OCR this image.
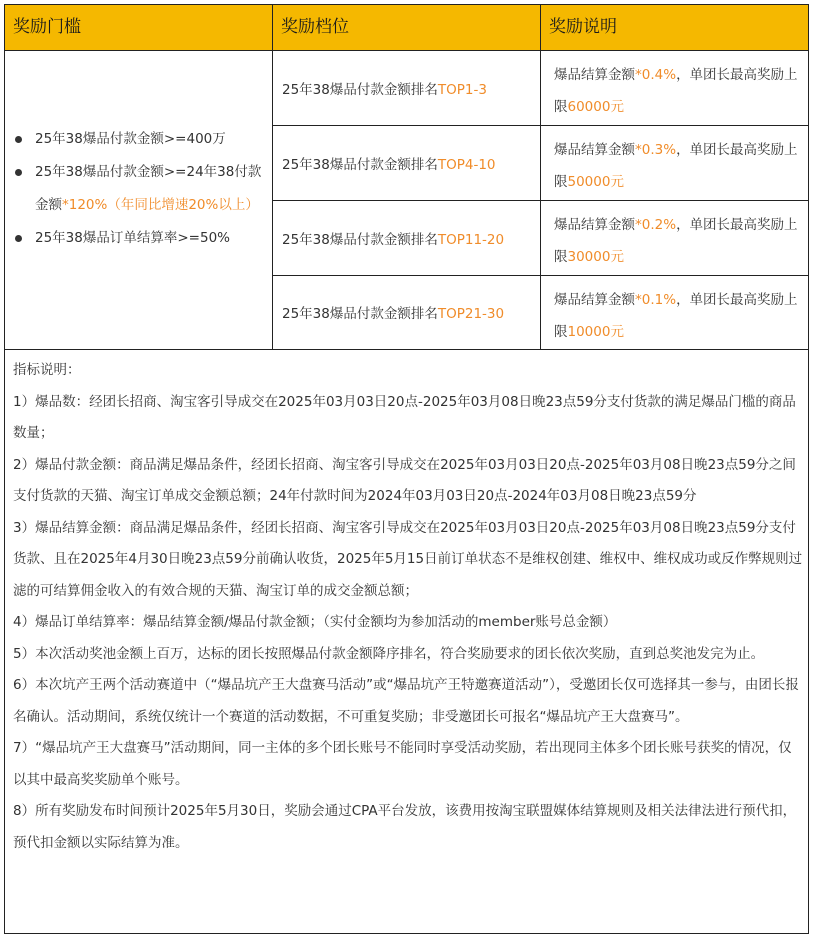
奖励门槛	奖励档位	奖励说明
25年38爆品付款金额>=400万
25年38爆品付款金额>=24年38付款金额*120%（年同比增速20%以上）
25年38爆品订单结算率>=50%
25年38爆品付款金额排名TOP1-3
25年38爆品付款金额排名TOP4-10
25年38爆品付款金额排名TOP11-20
25年38爆品付款金额排名TOP21-30
爆品结算金额*0.4%，单团长最高奖励上限60000元
爆品结算金额*0.3%，单团长最高奖励上限50000元
爆品结算金额*0.2%，单团长最高奖励上限30000元
爆品结算金额*0.1%，单团长最高奖励上限10000元

指标说明：

1）爆品数：经团长招商、淘宝客引导成交在2025年03月03日20点-2025年03月08日晚23点59分支付货款的满足爆品门槛的商品数量；

2）爆品付款金额：商品满足爆品条件，经团长招商、淘宝客引导成交在2025年03月03日20点-2025年03月08日晚23点59分之间支付货款的天猫、淘宝订单成交金额总额；24年付款时间为2024年03月03日20点-2024年03月08日晚23点59分

3）爆品结算金额：商品满足爆品条件，经团长招商、淘宝客引导成交在2025年03月03日20点-2025年03月08日晚23点59分支付货款、且在2025年4月30日晚23点59分前确认收货，2025年5月15日前订单状态不是维权创建、维权中、维权成功或反作弊规则过滤的可结算佣金收入的有效合规的天猫、淘宝订单的成交金额总额；

4）爆品订单结算率：爆品结算金额/爆品付款金额；（实付金额均为参加活动的member账号总金额）

5）本次活动奖池金额上百万，达标的团长按照爆品付款金额降序排名，符合奖励要求的团长依次奖励，直到总奖池发完为止。

6）本次坑产王两个活动赛道中（“爆品坑产王大盘赛马活动”或“爆品坑产王特邀赛道活动”），受邀团长仅可选择其一参与，由团长报名确认。活动期间，系统仅统计一个赛道的活动数据，不可重复奖励；非受邀团长可报名“爆品坑产王大盘赛马”。

7）“爆品坑产王大盘赛马”活动期间，同一主体的多个团长账号不能同时享受活动奖励，若出现同主体多个团长账号获奖的情况，仅以其中最高奖奖励单个账号。

8）所有奖励发布时间预计2025年5月30日，奖励会通过CPA平台发放，该费用按淘宝联盟媒体结算规则及相关法律法进行预代扣，预代扣金额以实际结算为准。
